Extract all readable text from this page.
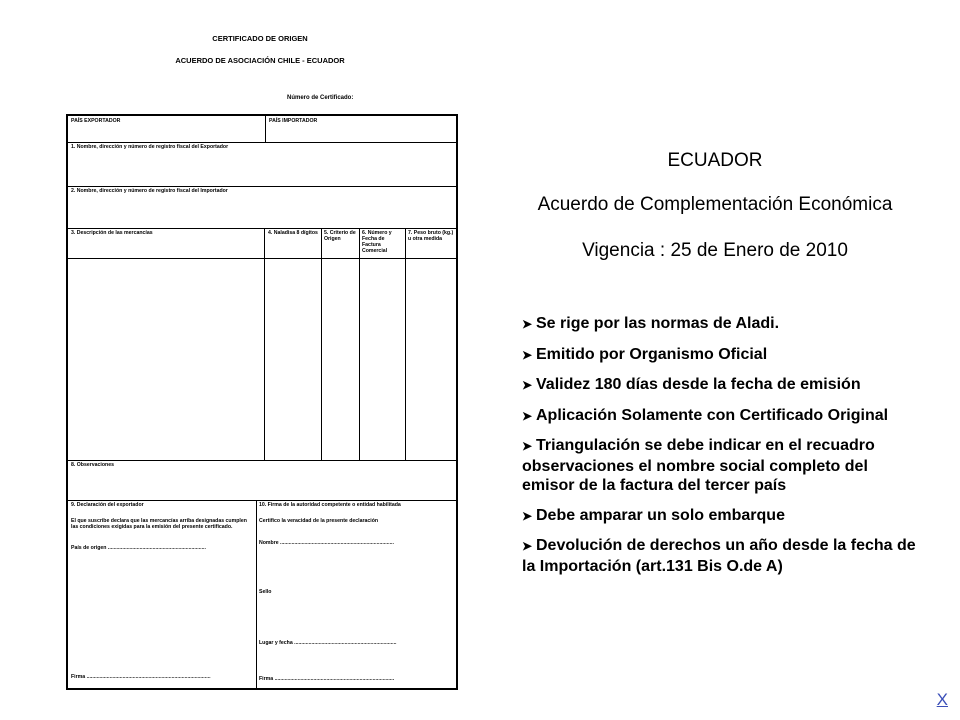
CERTIFICADO DE ORIGEN
ACUERDO DE ASOCIACIÓN CHILE - ECUADOR
Número de Certificado:
PAÍS EXPORTADOR	PAÍS IMPORTADOR
1. Nombre, dirección y número de registro fiscal del Exportador
2. Nombre, dirección y número de registro fiscal del Importador
3. Descripción de las mercancías	4. Naladisa 8 dígitos 5. Criterio de Origen
6. Número y Fecha de Factura Comercial
7. Peso bruto (kg.) u otra medida
8. Observaciones
9. Declaración del exportador
El que suscribe declara que las mercancías arriba designadas cumplen las condiciones exigidas para la emisión del presente certificado.
País de origen ....................................................................
Firma ......................................................................................
10. Firma de la autoridad competente o entidad habilitada
Certifico la veracidad de la presente declaración
Nombre ...............................................................................
Sello
Lugar y fecha .......................................................................
Firma ...................................................................................
ECUADOR
Acuerdo de Complementación Económica
Vigencia : 25 de Enero de 2010
➤ Se rige por las normas de Aladi.
➤ Emitido por Organismo Oficial
➤ Validez 180 días desde la fecha de emisión
➤ Aplicación Solamente con Certificado Original
➤ Triangulación se debe indicar en el recuadro observaciones el nombre social completo del emisor de la factura del tercer país
➤ Debe amparar un solo embarque
➤ Devolución de derechos un año desde la fecha de la Importación (art.131 Bis O.de A)
X
